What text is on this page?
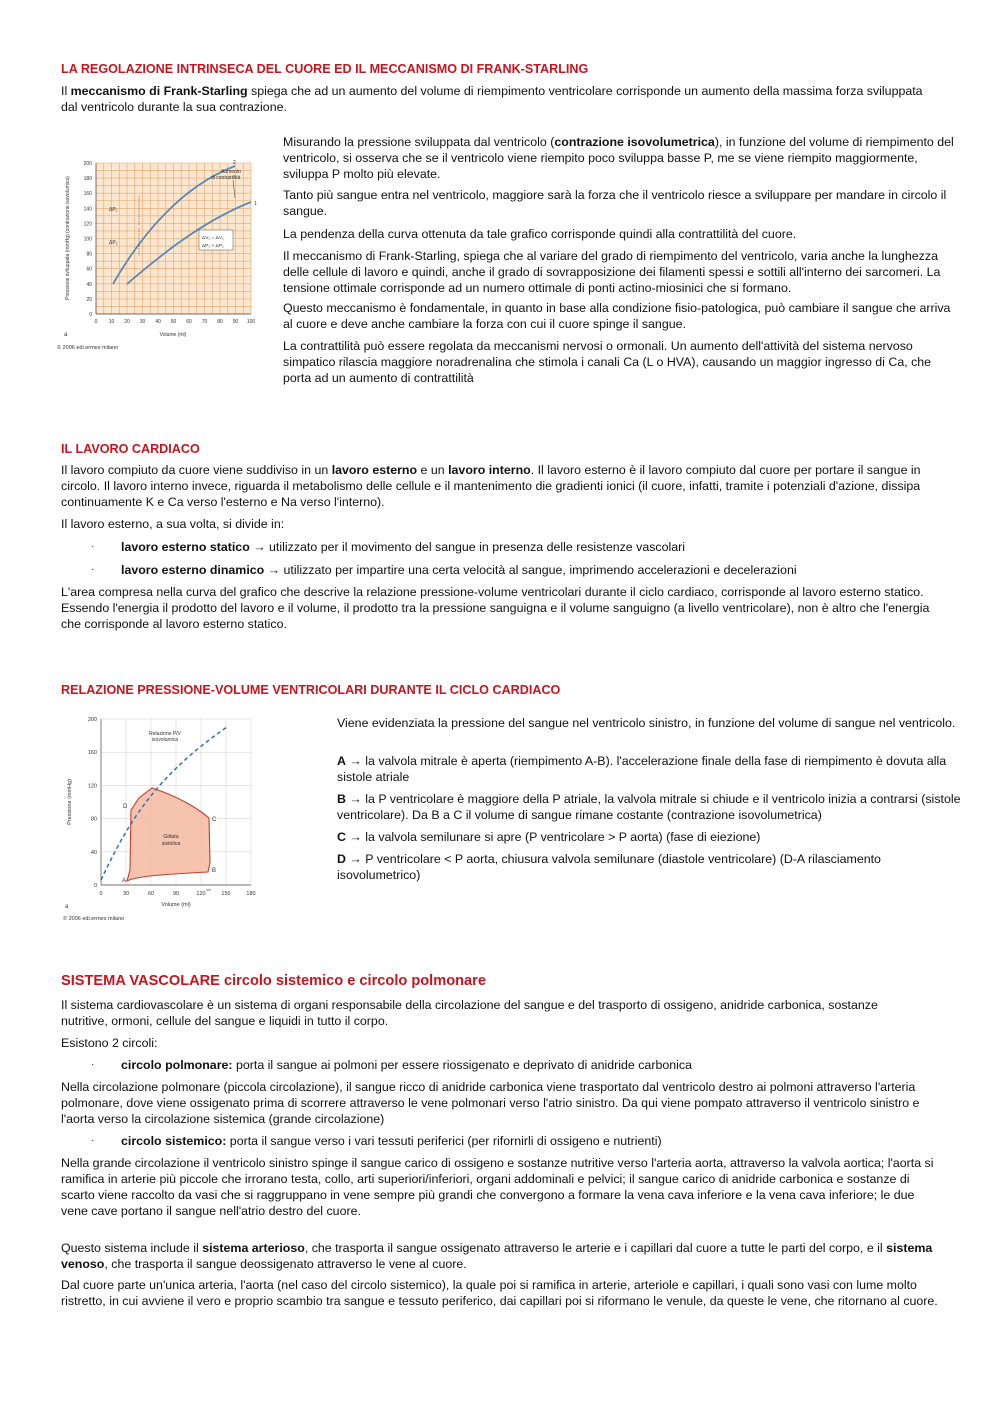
LA REGOLAZIONE INTRINSECA DEL CUORE ED IL MECCANISMO DI FRANK-STARLING

Il meccanismo di Frank-Starling spiega che ad un aumento del volume di riempimento ventricolare corrisponde un aumento della massima forza sviluppata dal ventricolo durante la sua contrazione.

0
20
40
60
80
100
120
140
160
180
200
0 10 20 30 40 50 60 70 80 90 100
1
2
Aumento
di contrattilità
ΔP₁
ΔP₂
ΔV₁ = ΔV₂
ΔP₁ > ΔP₂
Pressione sviluppata (mmHg) (contrazione isovolumica)
Volume (ml)
a
© 2006 edi.ermes milano

Misurando la pressione sviluppata dal ventricolo (contrazione isovolumetrica), in funzione del volume di riempimento del ventricolo, si osserva che se il ventricolo viene riempito poco sviluppa basse P, me se viene riempito maggiormente, sviluppa P molto più elevate.

Tanto più sangue entra nel ventricolo, maggiore sarà la forza che il ventricolo riesce a sviluppare per mandare in circolo il sangue.

La pendenza della curva ottenuta da tale grafico corrisponde quindi alla contrattilità del cuore.

Il meccanismo di Frank-Starling, spiega che al variare del grado di riempimento del ventricolo, varia anche la lunghezza delle cellule di lavoro e quindi, anche il grado di sovrapposizione dei filamenti spessi e sottili all'interno dei sarcomeri. La tensione ottimale corrisponde ad un numero ottimale di ponti actino-miosinici che si formano.

Questo meccanismo è fondamentale, in quanto in base alla condizione fisio-patologica, può cambiare il sangue che arriva al cuore e deve anche cambiare la forza con cui il cuore spinge il sangue.

La contrattilità può essere regolata da meccanismi nervosi o ormonali. Un aumento dell'attività del sistema nervoso simpatico rilascia maggiore noradrenalina che stimola i canali Ca (L o HVA), causando un maggior ingresso di Ca, che porta ad un aumento di contrattilità

IL LAVORO CARDIACO

Il lavoro compiuto da cuore viene suddiviso in un lavoro esterno e un lavoro interno. Il lavoro esterno è il lavoro compiuto dal cuore per portare il sangue in circolo. Il lavoro interno invece, riguarda il metabolismo delle cellule e il mantenimento die gradienti ionici (il cuore, infatti, tramite i potenziali d'azione, dissipa continuamente K e Ca verso l'esterno e Na verso l'interno).

Il lavoro esterno, a sua volta, si divide in:

· lavoro esterno statico → utilizzato per il movimento del sangue in presenza delle resistenze vascolari
· lavoro esterno dinamico → utilizzato per impartire una certa velocità al sangue, imprimendo accelerazioni e decelerazioni

L'area compresa nella curva del grafico che descrive la relazione pressione-volume ventricolari durante il ciclo cardiaco, corrisponde al lavoro esterno statico. Essendo l'energia il prodotto del lavoro e il volume, il prodotto tra la pressione sanguigna e il volume sanguigno (a livello ventricolare), non è altro che l'energia che corrisponde al lavoro esterno statico.

RELAZIONE PRESSIONE-VOLUME VENTRICOLARI DURANTE IL CICLO CARDIACO
0
40
80
120
160
200
0	30	60	90	120	150	180
Relazione P/V
isovolumica
Gittata
sistolica
A
B
C
D
sie
Pressione (mmHg)
Volume (ml)
a
© 2006 edi.ermes milano

Viene evidenziata la pressione del sangue nel ventricolo sinistro, in funzione del volume di sangue nel ventricolo.

A → la valvola mitrale è aperta (riempimento A-B). l'accelerazione finale della fase di riempimento è dovuta alla sistole atriale

B → la P ventricolare è maggiore della P atriale, la valvola mitrale si chiude e il ventricolo inizia a contrarsi (sistole ventricolare). Da B a C il volume di sangue rimane costante (contrazione isovolumetrica)

C → la valvola semilunare si apre (P ventricolare > P aorta) (fase di eiezione)

D → P ventricolare < P aorta, chiusura valvola semilunare (diastole ventricolare) (D-A rilasciamento isovolumetrico)

SISTEMA VASCOLARE circolo sistemico e circolo polmonare

Il sistema cardiovascolare è un sistema di organi responsabile della circolazione del sangue e del trasporto di ossigeno, anidride carbonica, sostanze nutritive, ormoni, cellule del sangue e liquidi in tutto il corpo.

Esistono 2 circoli:

· circolo polmonare: porta il sangue ai polmoni per essere riossigenato e deprivato di anidride carbonica

Nella circolazione polmonare (piccola circolazione), il sangue ricco di anidride carbonica viene trasportato dal ventricolo destro ai polmoni attraverso l'arteria polmonare, dove viene ossigenato prima di scorrere attraverso le vene polmonari verso l'atrio sinistro. Da qui viene pompato attraverso il ventricolo sinistro e l'aorta verso la circolazione sistemica (grande circolazione)

· circolo sistemico: porta il sangue verso i vari tessuti periferici (per rifornirli di ossigeno e nutrienti)

Nella grande circolazione il ventricolo sinistro spinge il sangue carico di ossigeno e sostanze nutritive verso l'arteria aorta, attraverso la valvola aortica; l'aorta si ramifica in arterie più piccole che irrorano testa, collo, arti superiori/inferiori, organi addominali e pelvici; il sangue carico di anidride carbonica e sostanze di scarto viene raccolto da vasi che si raggruppano in vene sempre più grandi che convergono a formare la vena cava inferiore e la vena cava inferiore; le due vene cave portano il sangue nell'atrio destro del cuore.

Questo sistema include il sistema arterioso, che trasporta il sangue ossigenato attraverso le arterie e i capillari dal cuore a tutte le parti del corpo, e il sistema venoso, che trasporta il sangue deossigenato attraverso le vene al cuore.

Dal cuore parte un'unica arteria, l'aorta (nel caso del circolo sistemico), la quale poi si ramifica in arterie, arteriole e capillari, i quali sono vasi con lume molto ristretto, in cui avviene il vero e proprio scambio tra sangue e tessuto periferico, dai capillari poi si riformano le venule, da queste le vene, che ritornano al cuore.
